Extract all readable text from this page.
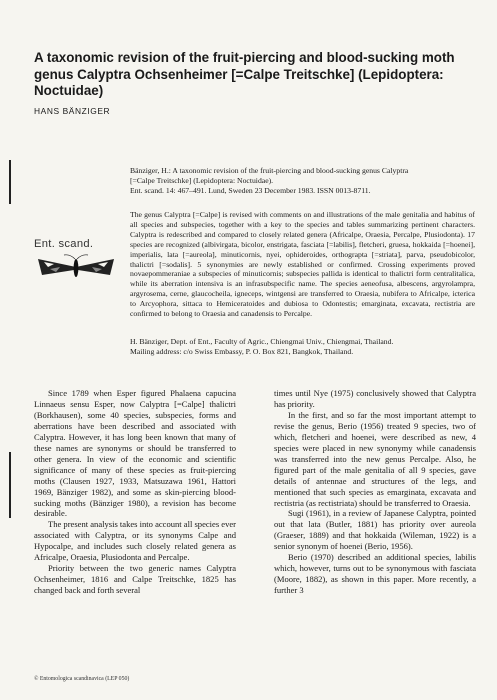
A taxonomic revision of the fruit-piercing and blood-sucking moth genus Calyptra Ochsenheimer [=Calpe Treitschke] (Lepidoptera: Noctuidae)
HANS BÄNZIGER
Bänziger, H.: A taxonomic revision of the fruit-piercing and blood-sucking genus Calyptra
[=Calpe Treitschke] (Lepidoptera: Noctuidae).
Ent. scand. 14: 467–491. Lund, Sweden 23 December 1983. ISSN 0013-8711.
Ent. scand.
The genus Calyptra [=Calpe] is revised with comments on and illustrations of the male genitalia and habitus of all species and subspecies, together with a key to the species and tables summarizing pertinent characters. Calyptra is redescribed and compared to closely related genera (Africalpe, Oraesia, Percalpe, Plusiodonta). 17 species are recognized (albivirgata, bicolor, enstrigata, fasciata [=labilis], fletcheri, gruesa, hokkaida [=hoenei], imperialis, lata [=aureola], minuticornis, nyei, ophideroides, orthograpta [=striata], parva, pseudobicolor, thalictri [=sodalis]. 5 synonymies are newly established or confirmed. Crossing experiments proved novaepommeraniae a subspecies of minuticornis; subspecies pallida is identical to thalictri form centralitalica, while its aberration intensiva is an infrasubspecific name. The species aeneofusa, albescens, argyrolampra, argyrosema, cerne, glaucocheila, igneceps, wintgensi are transferred to Oraesia, nubifera to Africalpe, icterica to Arcyophora, sittaca to Hemiceratoides and dubiosa to Odontestis; emarginata, excavata, rectistria are confirmed to belong to Oraesia and canadensis to Percalpe.
H. Bänziger, Dept. of Ent., Faculty of Agric., Chiengmai Univ., Chiengmai, Thailand.
Mailing address: c/o Swiss Embassy, P. O. Box 821, Bangkok, Thailand.

Since 1789 when Esper figured Phalaena capucina Linnaeus sensu Esper, now Calyptra [=Calpe] thalictri (Borkhausen), some 40 species, subspecies, forms and aberrations have been described and associated with Calyptra. However, it has long been known that many of these names are synonyms or should be transferred to other genera. In view of the economic and scientific significance of many of these species as fruit-piercing moths (Clausen 1927, 1933, Matsuzawa 1961, Hattori 1969, Bänziger 1982), and some as skin-piercing blood-sucking moths (Bänziger 1980), a revision has become desirable.

The present analysis takes into account all species ever associated with Calyptra, or its synonyms Calpe and Hypocalpe, and includes such closely related genera as Africalpe, Oraesia, Plusiodonta and Percalpe.

Priority between the two generic names Calyptra Ochsenheimer, 1816 and Calpe Treitschke, 1825 has changed back and forth several

times until Nye (1975) conclusively showed that Calyptra has priority.

In the first, and so far the most important attempt to revise the genus, Berio (1956) treated 9 species, two of which, fletcheri and hoenei, were described as new, 4 species were placed in new synonymy while canadensis was transferred into the new genus Percalpe. Also, he figured part of the male genitalia of all 9 species, gave details of antennae and structures of the legs, and mentioned that such species as emarginata, excavata and rectistria (as rectistriata) should be transferred to Oraesia.

Sugi (1961), in a review of Japanese Calyptra, pointed out that lata (Butler, 1881) has priority over aureola (Graeser, 1889) and that hokkaida (Wileman, 1922) is a senior synonym of hoenei (Berio, 1956).

Berio (1970) described an additional species, labilis which, however, turns out to be synonymous with fasciata (Moore, 1882), as shown in this paper. More recently, a further 3

© Entomologica scandinavica (LEP 050)
